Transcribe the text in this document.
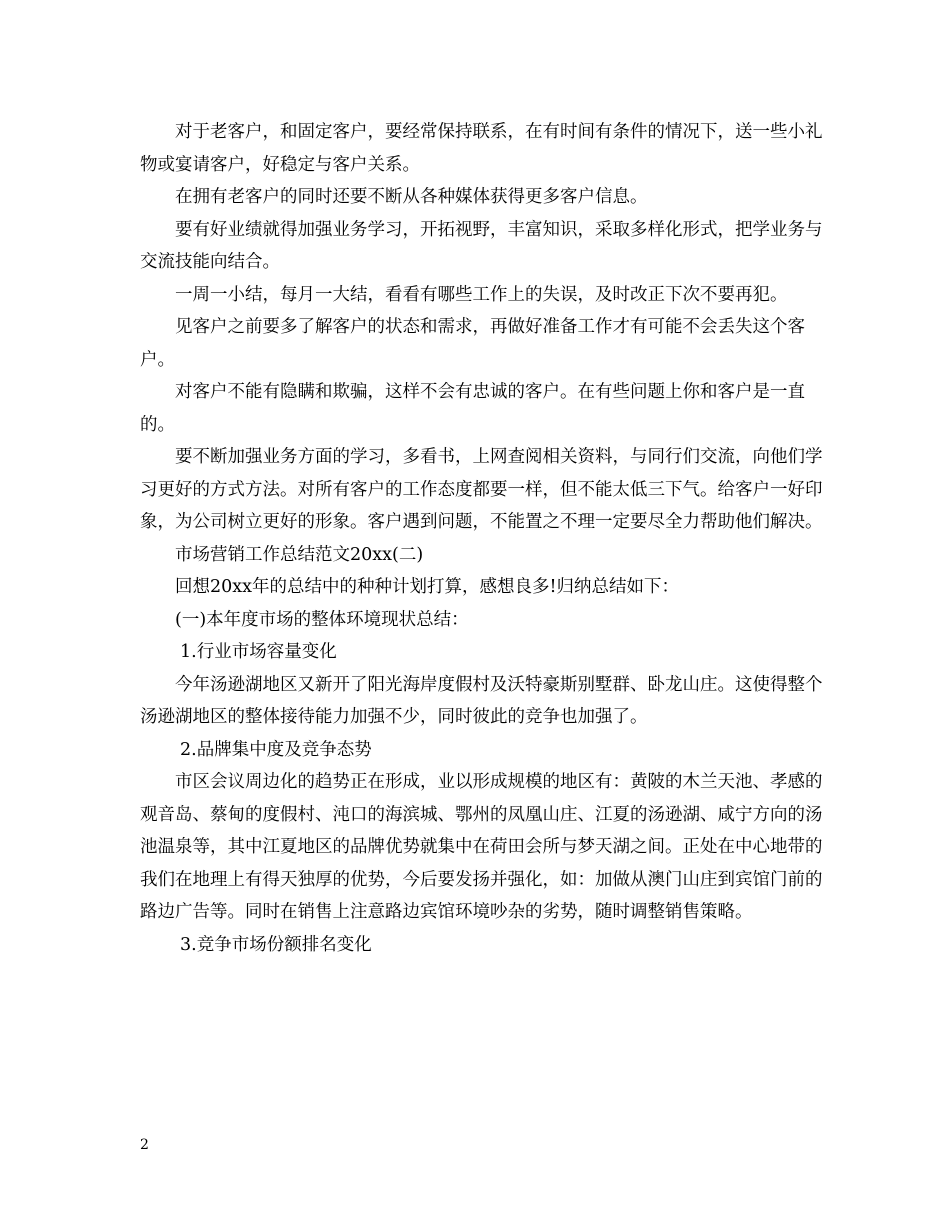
对于老客户，和固定客户，要经常保持联系，在有时间有条件的情况下，送一些小礼物或宴请客户，好稳定与客户关系。

在拥有老客户的同时还要不断从各种媒体获得更多客户信息。

要有好业绩就得加强业务学习，开拓视野，丰富知识，采取多样化形式，把学业务与交流技能向结合。

一周一小结，每月一大结，看看有哪些工作上的失误，及时改正下次不要再犯。

见客户之前要多了解客户的状态和需求，再做好准备工作才有可能不会丢失这个客户。

对客户不能有隐瞒和欺骗，这样不会有忠诚的客户。在有些问题上你和客户是一直的。

要不断加强业务方面的学习，多看书，上网查阅相关资料，与同行们交流，向他们学习更好的方式方法。对所有客户的工作态度都要一样，但不能太低三下气。给客户一好印象，为公司树立更好的形象。客户遇到问题，不能置之不理一定要尽全力帮助他们解决。

市场营销工作总结范文20xx(二)

回想20xx年的总结中的种种计划打算，感想良多!归纳总结如下：

(一)本年度市场的整体环境现状总结：

1.行业市场容量变化

今年汤逊湖地区又新开了阳光海岸度假村及沃特豪斯别墅群、卧龙山庄。这使得整个汤逊湖地区的整体接待能力加强不少，同时彼此的竞争也加强了。

2.品牌集中度及竞争态势

市区会议周边化的趋势正在形成，业以形成规模的地区有：黄陂的木兰天池、孝感的观音岛、蔡甸的度假村、沌口的海滨城、鄂州的凤凰山庄、江夏的汤逊湖、咸宁方向的汤池温泉等，其中江夏地区的品牌优势就集中在荷田会所与梦天湖之间。正处在中心地带的我们在地理上有得天独厚的优势，今后要发扬并强化，如：加做从澳门山庄到宾馆门前的路边广告等。同时在销售上注意路边宾馆环境吵杂的劣势，随时调整销售策略。

3.竞争市场份额排名变化

2
